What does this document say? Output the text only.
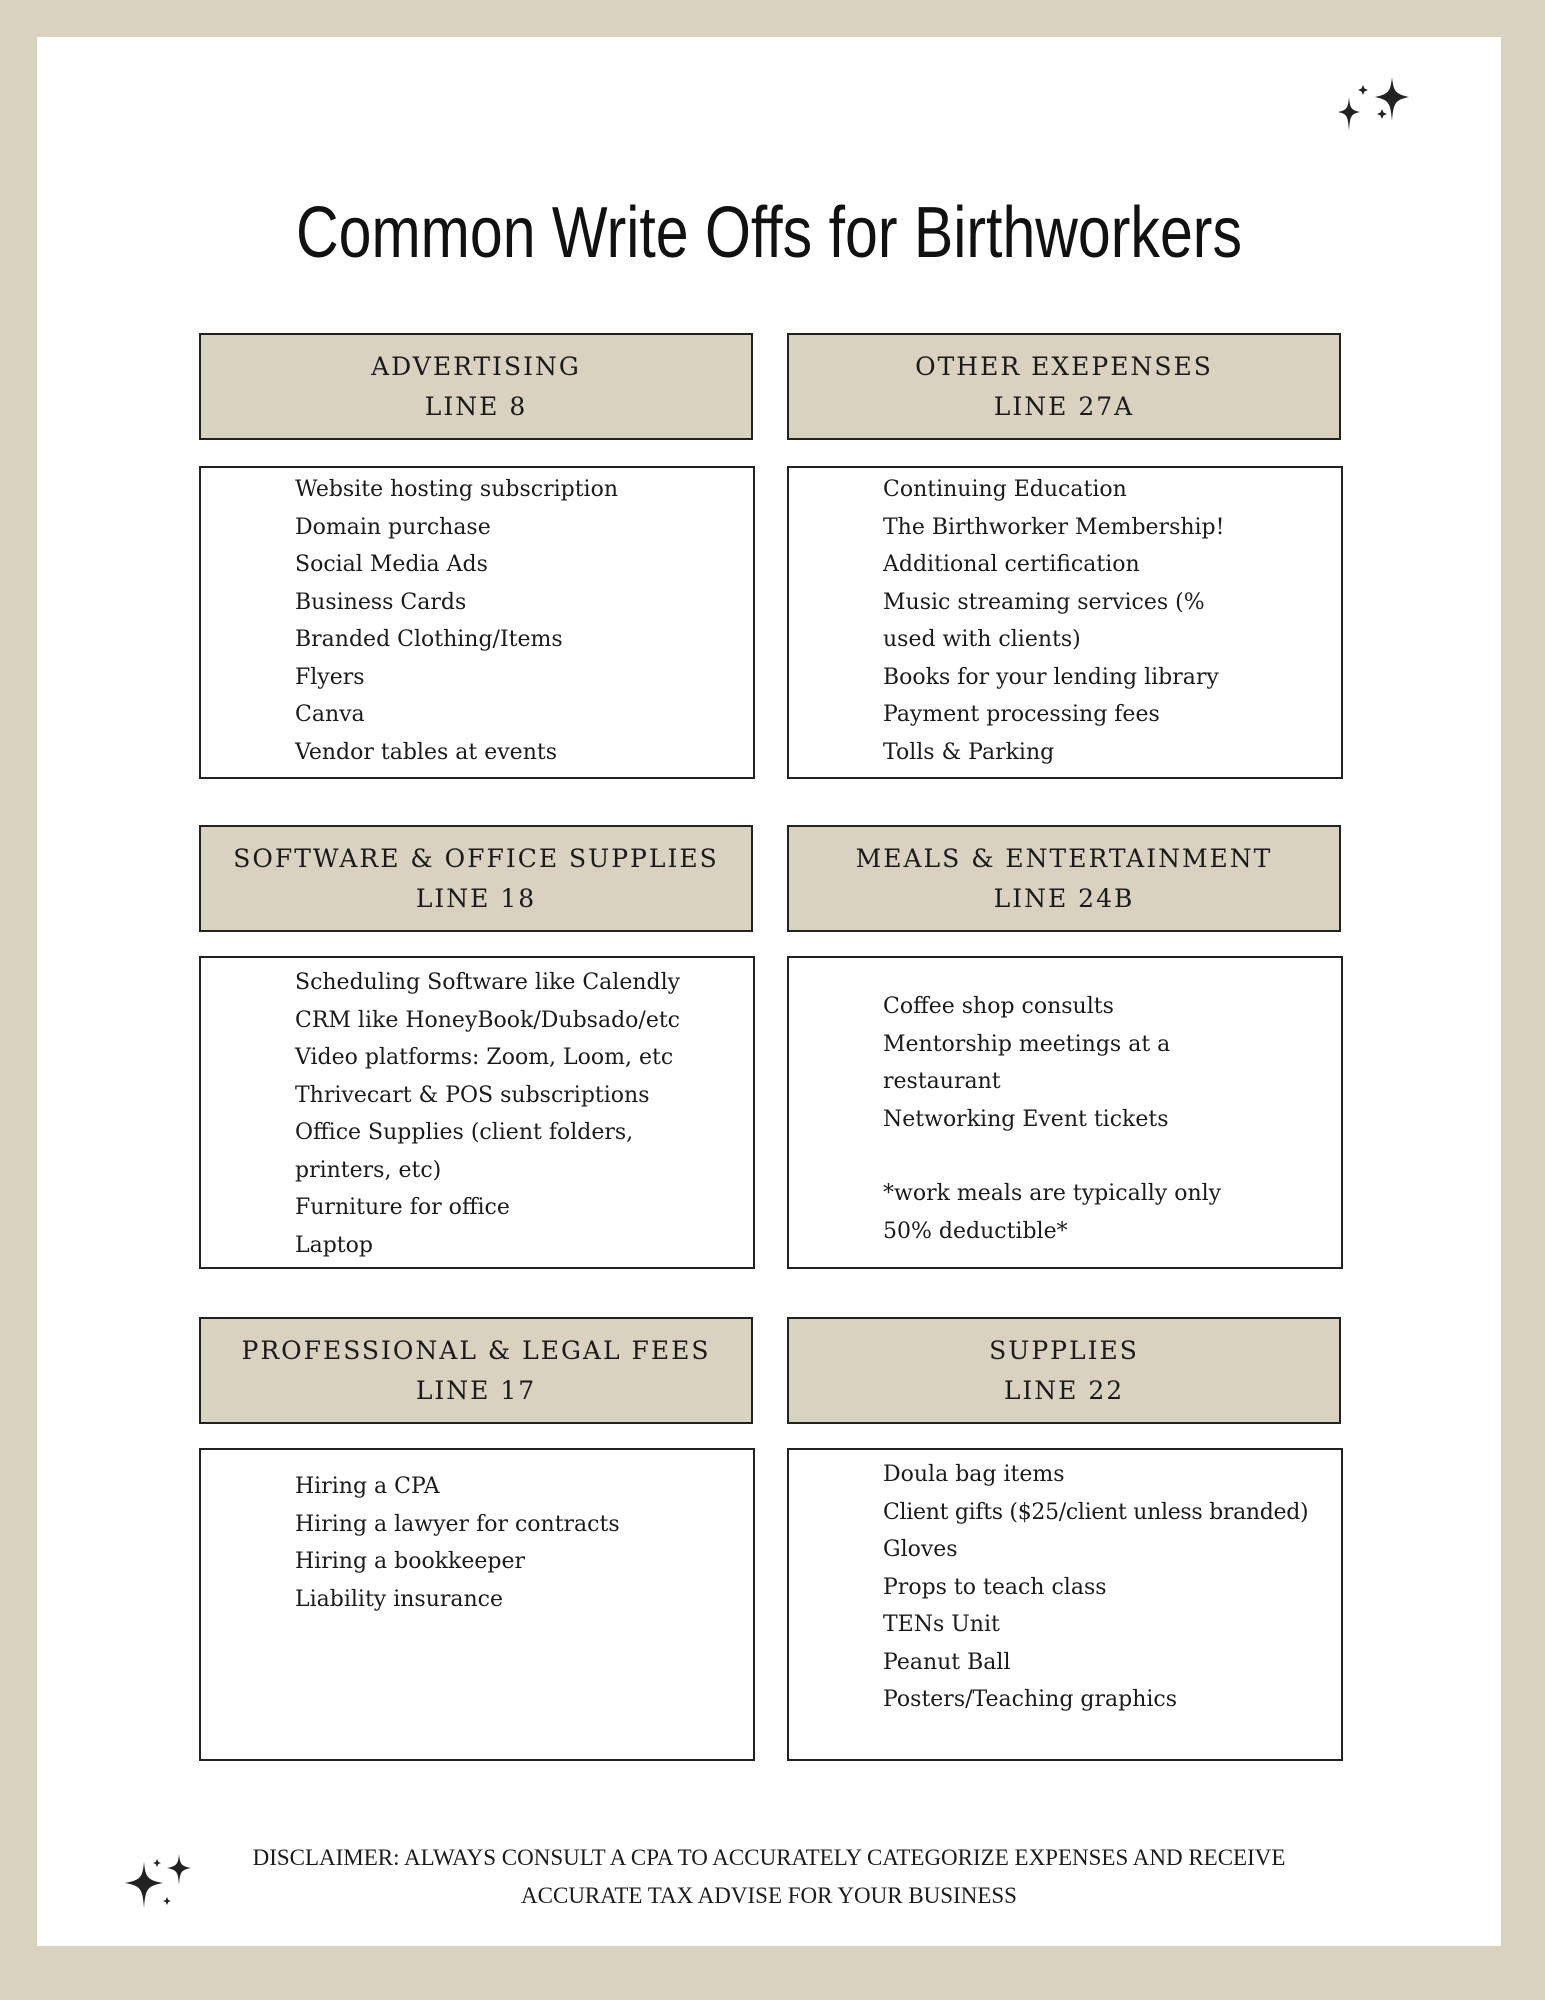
Common Write Offs for Birthworkers
ADVERTISING
LINE 8
Website hosting subscription
Domain purchase
Social Media Ads
Business Cards
Branded Clothing/Items
Flyers
Canva
Vendor tables at events
OTHER EXEPENSES
LINE 27A
Continuing Education
The Birthworker Membership!
Additional certification
Music streaming services (% used with clients)
Books for your lending library
Payment processing fees
Tolls & Parking
SOFTWARE & OFFICE SUPPLIES
LINE 18
Scheduling Software like Calendly
CRM like HoneyBook/Dubsado/etc
Video platforms: Zoom, Loom, etc
Thrivecart & POS subscriptions
Office Supplies (client folders, printers, etc)
Furniture for office
Laptop
MEALS & ENTERTAINMENT
LINE 24B
Coffee shop consults
Mentorship meetings at a restaurant
Networking Event tickets
*work meals are typically only 50% deductible*
PROFESSIONAL & LEGAL FEES
LINE 17
Hiring a CPA
Hiring a lawyer for contracts
Hiring a bookkeeper
Liability insurance
SUPPLIES
LINE 22
Doula bag items
Client gifts ($25/client unless branded)
Gloves
Props to teach class
TENs Unit
Peanut Ball
Posters/Teaching graphics
DISCLAIMER: ALWAYS CONSULT A CPA TO ACCURATELY CATEGORIZE EXPENSES AND RECEIVE
ACCURATE TAX ADVISE FOR YOUR BUSINESS
